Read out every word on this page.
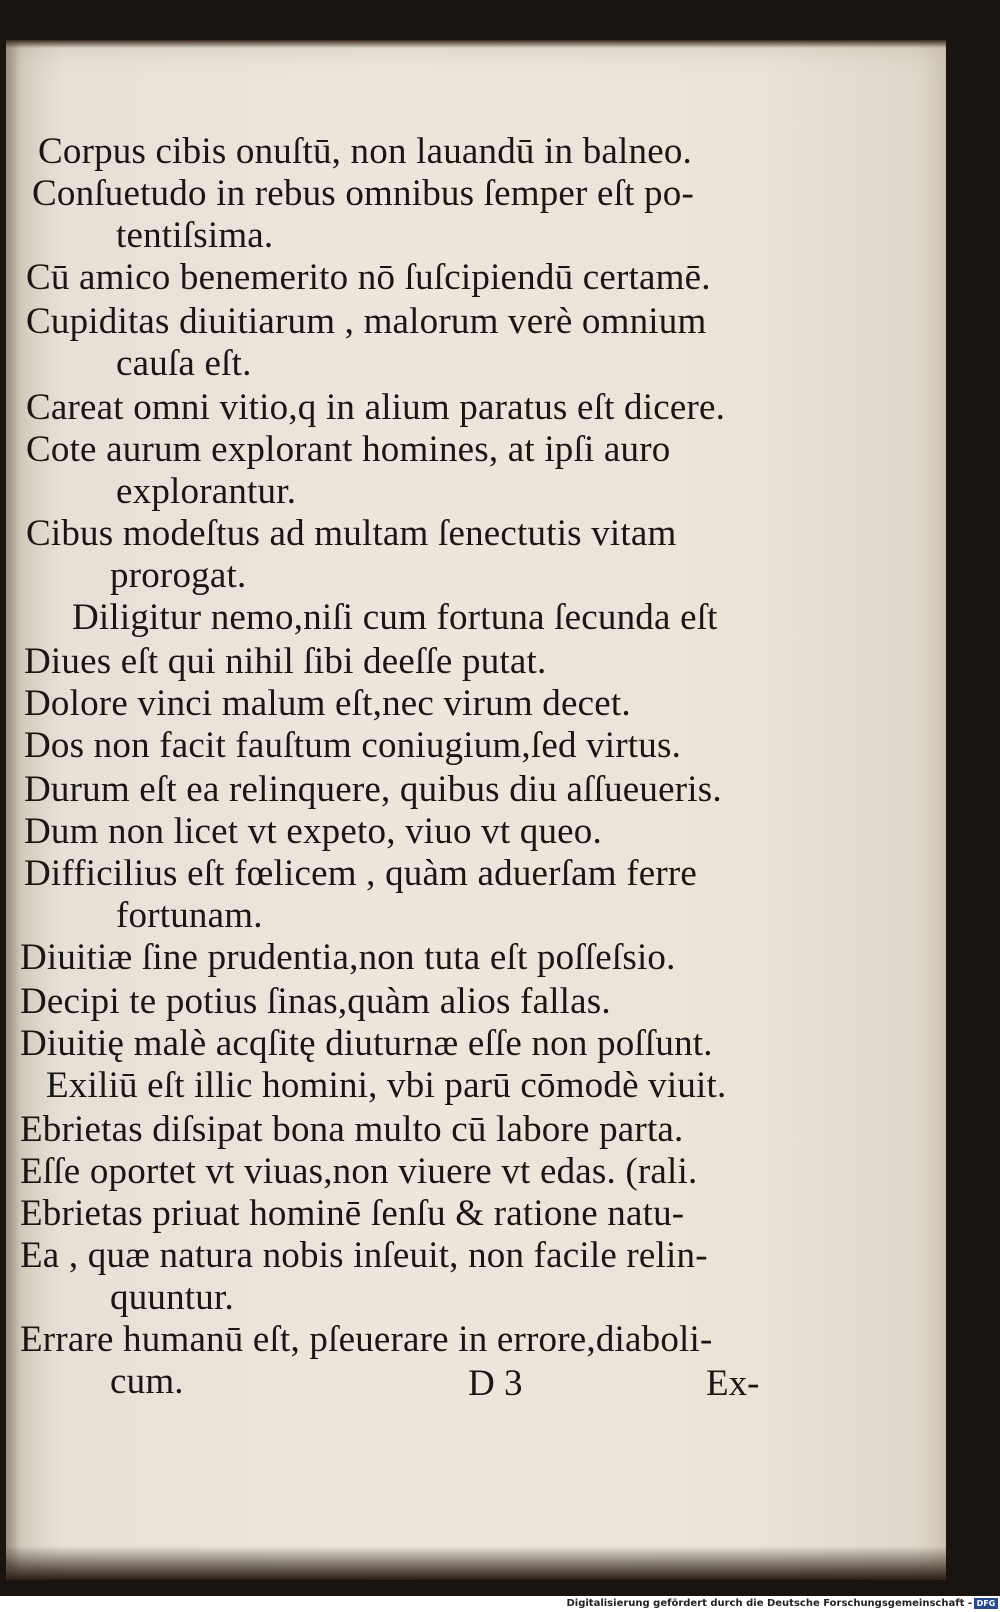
Corpus cibis onuſtū, non lauandū in balneo.
Conſuetudo in rebus omnibus ſemper eſt po-
tentiſsima.
Cū amico benemerito nō ſuſcipiendū certamē.
Cupiditas diuitiarum , malorum verè omnium
cauſa eſt.
Careat omni vitio,q in alium paratus eſt dicere.
Cote aurum explorant homines, at ipſi auro
explorantur.
Cibus modeſtus ad multam ſenectutis vitam
prorogat.
Diligitur nemo,niſi cum fortuna ſecunda eſt
Diues eſt qui nihil ſibi deeſſe putat.
Dolore vinci malum eſt,nec virum decet.
Dos non facit fauſtum coniugium,ſed virtus.
Durum eſt ea relinquere, quibus diu aſſueueris.
Dum non licet vt expeto, viuo vt queo.
Difficilius eſt fœlicem , quàm aduerſam ferre
fortunam.
Diuitiæ ſine prudentia,non tuta eſt poſſeſsio.
Decipi te potius ſinas,quàm alios fallas.
Diuitię malè acqſitę diuturnæ eſſe non poſſunt.
Exiliū eſt illic homini, vbi parū cōmodè viuit.
Ebrietas diſsipat bona multo cū labore parta.
Eſſe oportet vt viuas,non viuere vt edas. (rali.
Ebrietas priuat hominē ſenſu & ratione natu-
Ea , quæ natura nobis inſeuit, non facile relin-
quuntur.
Errare humanū eſt, pſeuerare in errore,diaboli-
cum.	D 3	Ex-
Digitalisierung gefördert durch die Deutsche Forschungsgemeinschaft - DFG
